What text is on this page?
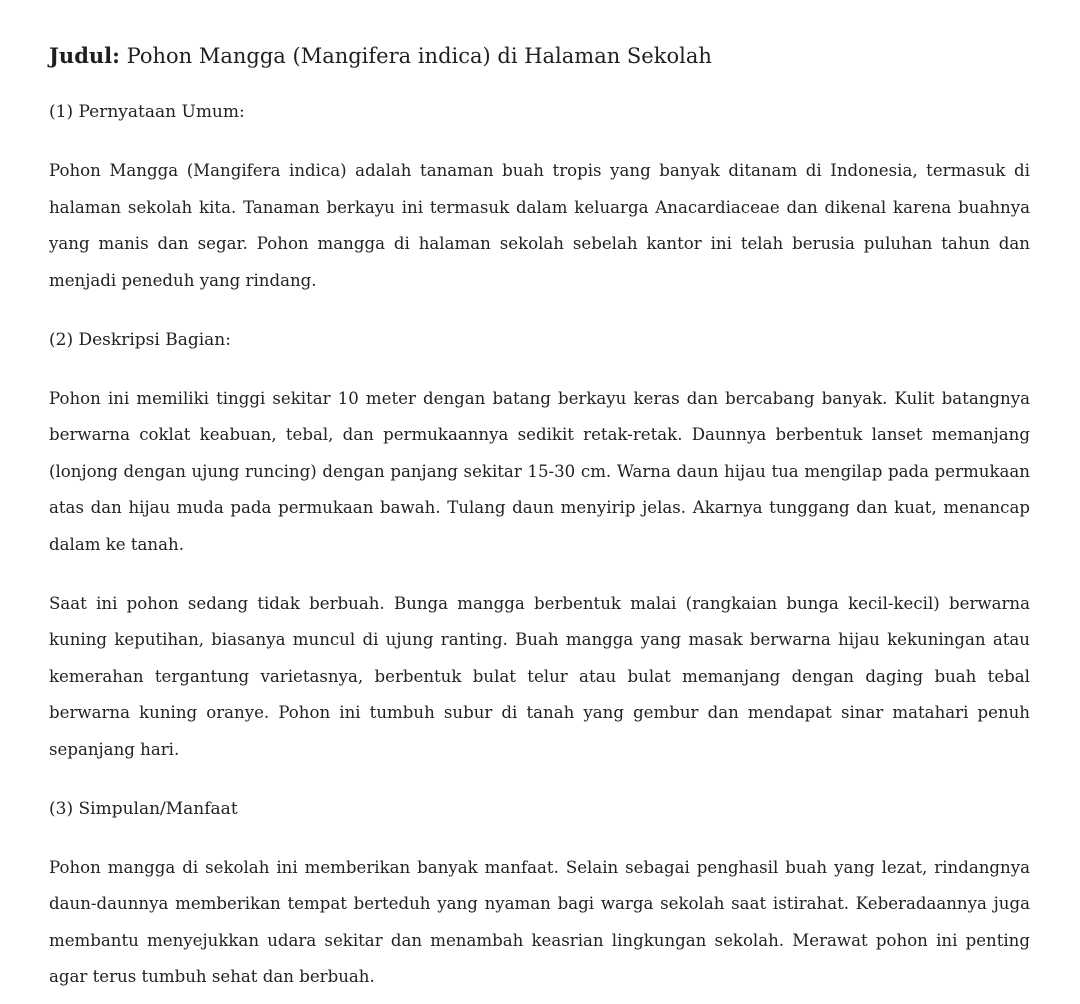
Judul: Pohon Mangga (Mangifera indica) di Halaman Sekolah

(1) Pernyataan Umum:

Pohon Mangga (Mangifera indica) adalah tanaman buah tropis yang banyak ditanam di Indonesia, termasuk di halaman sekolah kita. Tanaman berkayu ini termasuk dalam keluarga Anacardiaceae dan dikenal karena buahnya yang manis dan segar. Pohon mangga di halaman sekolah sebelah kantor ini telah berusia puluhan tahun dan menjadi peneduh yang rindang.

(2) Deskripsi Bagian:

Pohon ini memiliki tinggi sekitar 10 meter dengan batang berkayu keras dan bercabang banyak. Kulit batangnya berwarna coklat keabuan, tebal, dan permukaannya sedikit retak-retak. Daunnya berbentuk lanset memanjang (lonjong dengan ujung runcing) dengan panjang sekitar 15-30 cm. Warna daun hijau tua mengilap pada permukaan atas dan hijau muda pada permukaan bawah. Tulang daun menyirip jelas. Akarnya tunggang dan kuat, menancap dalam ke tanah.

Saat ini pohon sedang tidak berbuah. Bunga mangga berbentuk malai (rangkaian bunga kecil-kecil) berwarna kuning keputihan, biasanya muncul di ujung ranting. Buah mangga yang masak berwarna hijau kekuningan atau kemerahan tergantung varietasnya, berbentuk bulat telur atau bulat memanjang dengan daging buah tebal berwarna kuning oranye. Pohon ini tumbuh subur di tanah yang gembur dan mendapat sinar matahari penuh sepanjang hari.

(3) Simpulan/Manfaat

Pohon mangga di sekolah ini memberikan banyak manfaat. Selain sebagai penghasil buah yang lezat, rindangnya daun-daunnya memberikan tempat berteduh yang nyaman bagi warga sekolah saat istirahat. Keberadaannya juga membantu menyejukkan udara sekitar dan menambah keasrian lingkungan sekolah. Merawat pohon ini penting agar terus tumbuh sehat dan berbuah.
